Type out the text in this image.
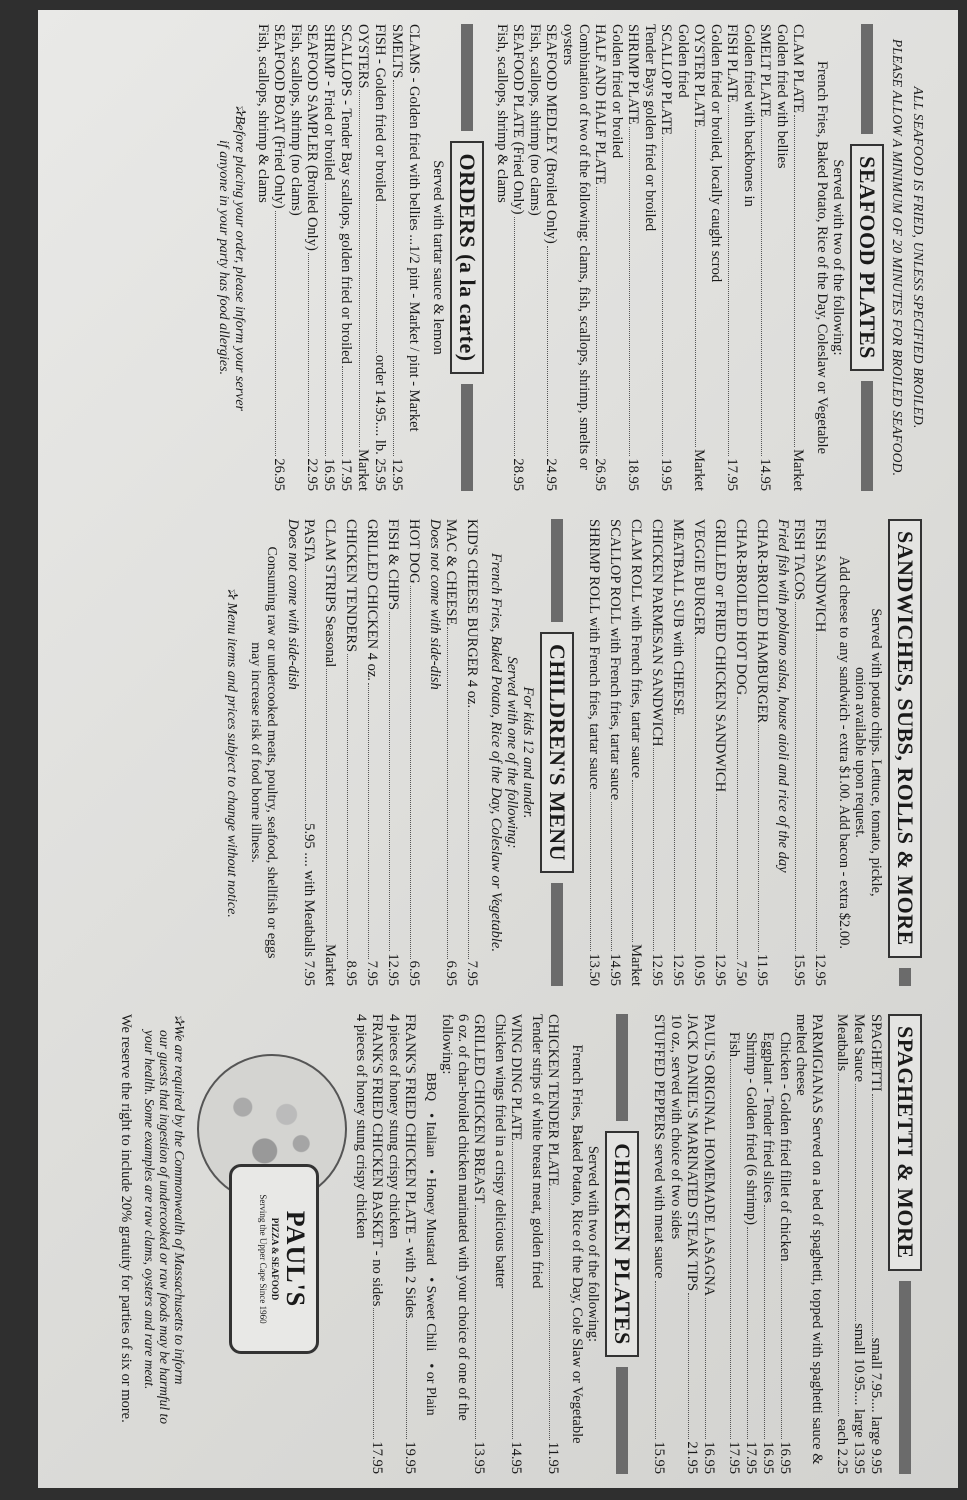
ALL SEAFOOD IS FRIED, UNLESS SPECIFIED BROILED.
PLEASE ALLOW A MINIMUM OF 20 MINUTES FOR BROILED SEAFOOD.
SEAFOOD PLATES
Served with two of the following:
French Fries, Baked Potato, Rice of the Day, Coleslaw or Vegetable
CLAM PLATE
Market
Golden fried with bellies
SMELT PLATE
14.95
Golden fried with backbones in
FISH PLATE
17.95
Golden fried or broiled, locally caught scrod
OYSTER PLATE
Market
Golden fried
SCALLOP PLATE
19.95
Tender Bays golden fried or broiled
SHRIMP PLATE
18.95
Golden fried or broiled
HALF AND HALF PLATE
26.95
Combination of two of the following: clams, fish, scallops, shrimp, smelts or oysters
SEAFOOD MEDLEY (Broiled Only)
24.95
Fish, scallops, shrimp (no clams)
SEAFOOD PLATE (Fried Only)
28.95
Fish, scallops, shrimp & clams
ORDERS (a la carte)
Served with tartar sauce & lemon
CLAMS - Golden fried with bellies ...1/2 pint - Market / pint - Market
SMELTS
12.95
FISH - Golden fried or broiled
order 14.95.... lb. 25.95
OYSTERS
Market
SCALLOPS - Tender Bay scallops, golden fried or broiled
17.95
SHRIMP - Fried or broiled
16.95
SEAFOOD SAMPLER (Broiled Only)
22.95
Fish, scallops, shrimp (no clams)
SEAFOOD BOAT (Fried Only)
26.95
Fish, scallops, shrimp & clams
✰Before placing your order, please inform your server
if anyone in your party has food allergies.
SANDWICHES, SUBS, ROLLS & MORE
Served with potato chips. Lettuce, tomato, pickle,
onion available upon request.
Add cheese to any sandwich - extra $1.00. Add bacon - extra $2.00.
FISH SANDWICH
12.95
FISH TACOS
15.95
Fried fish with poblano salsa, house aioli and rice of the day
CHAR-BROILED HAMBURGER
11.95
CHAR-BROILED HOT DOG
7.50
GRILLED or FRIED CHICKEN SANDWICH
12.95
VEGGIE BURGER
10.95
MEATBALL SUB with CHEESE
12.95
CHICKEN PARMESAN SANDWICH
12.95
CLAM ROLL with French fries, tartar sauce
Market
SCALLOP ROLL with French fries, tartar sauce
14.95
SHRIMP ROLL with French fries, tartar sauce
13.50
CHILDREN'S MENU
For kids 12 and under.
Served with one of the following:
French Fries, Baked Potato, Rice of the Day, Coleslaw or Vegetable.
KID'S CHEESE BURGER 4 oz.
7.95
MAC & CHEESE
6.95
Does not come with side-dish
HOT DOG
6.95
FISH & CHIPS
12.95
GRILLED CHICKEN 4 oz.
7.95
CHICKEN TENDERS
8.95
CLAM STRIPS Seasonal
Market
PASTA
5.95 .... with Meatballs 7.95
Does not come with side-dish
Consuming raw or undercooked meats, poultry, seafood, shellfish or eggs
may increase risk of food borne illness.
✰ Menu items and prices subject to change without notice.
SPAGHETTI & MORE
SPAGHETTI
small 7.95.... large 9.95
Meat Sauce
small 10.95.... large 13.95
Meatballs
each 2.25
PARMIGIANAS Served on a bed of spaghetti, topped with spaghetti sauce & melted cheese
Chicken - Golden fried fillet of chicken
16.95
Eggplant - Tender fried slices
16.95
Shrimp - Golden fried (6 shrimp)
17.95
Fish
17.95
PAUL'S ORIGINAL HOMEMADE LASAGNA
16.95
JACK DANIEL'S MARINATED STEAK TIPS
21.95
10 oz., served with choice of two sides
STUFFED PEPPERS served with meat sauce
15.95
CHICKEN PLATES
Served with two of the following:
French Fries, Baked Potato, Rice of the Day, Cole Slaw or Vegetable
CHICKEN TENDER PLATE
11.95
Tender strips of white breast meat, golden fried
WING DING PLATE
14.95
Chicken wings fried in a crispy delicious batter
GRILLED CHICKEN BREAST
13.95
6 oz. of char-broiled chicken marinated with your choice of one of the following:
BBQ
• Italian
• Honey Mustard
• Sweet Chili
• or Plain
FRANK'S FRIED CHICKEN PLATE - with 2 Sides
19.95
4 pieces of honey stung crispy chicken
FRANK'S FRIED CHICKEN BASKET - no sides
17.95
4 pieces of honey stung crispy chicken
PAUL'S
PIZZA & SEAFOOD
Serving the Upper Cape Since 1960
✰We are required by the Commonwealth of Massachusetts to inform
our guests that ingestion of undercooked or raw foods may be harmful to
your health. Some examples are raw clams, oysters and rare meat.
We reserve the right to include 20% gratuity for parties of six or more.
